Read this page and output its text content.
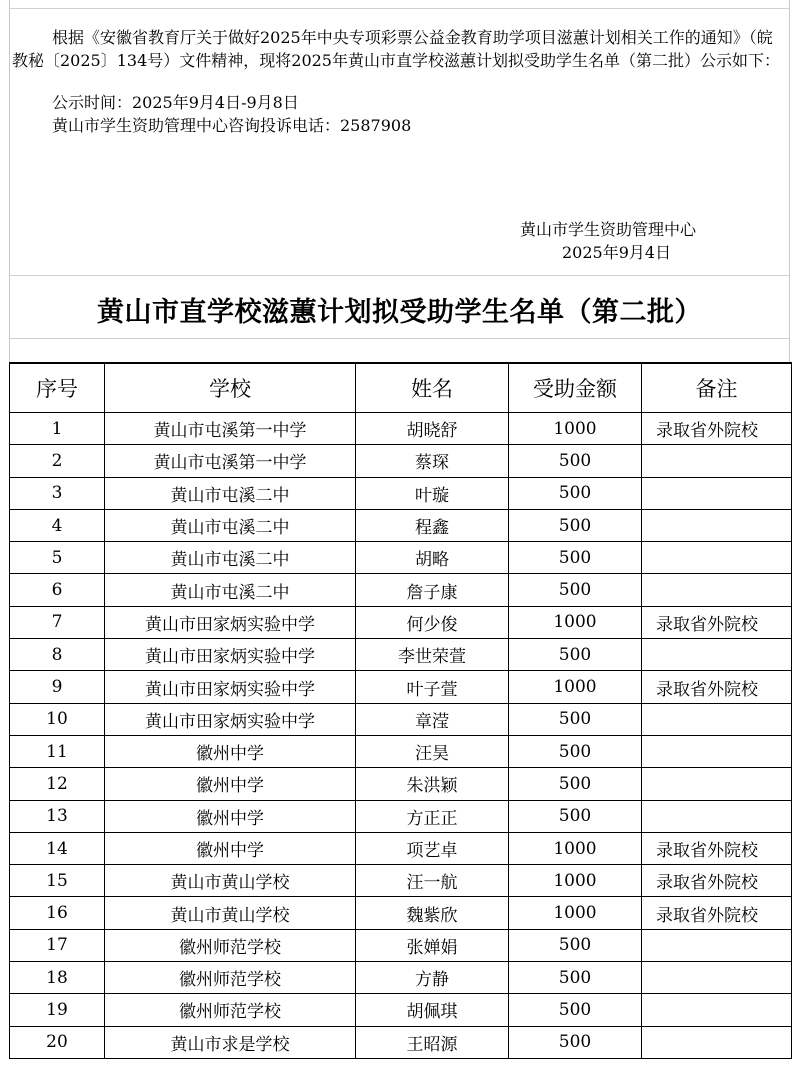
根据《安徽省教育厅关于做好2025年中央专项彩票公益金教育助学项目滋蕙计划相关工作的通知》（皖教秘〔2025〕134号）文件精神，现将2025年黄山市直学校滋蕙计划拟受助学生名单（第二批）公示如下：

公示时间：2025年9月4日-9月8日
黄山市学生资助管理中心咨询投诉电话：2587908
黄山市学生资助管理中心
2025年9月4日
黄山市直学校滋蕙计划拟受助学生名单（第二批）
序号	学校	姓名	受助金额	备注
1	黄山市屯溪第一中学	胡晓舒	1000	录取省外院校
2	黄山市屯溪第一中学	蔡琛	500	
3	黄山市屯溪二中	叶璇	500	
4	黄山市屯溪二中	程鑫	500	
5	黄山市屯溪二中	胡略	500	
6	黄山市屯溪二中	詹子康	500	
7	黄山市田家炳实验中学	何少俊	1000	录取省外院校
8	黄山市田家炳实验中学	李世荣萱	500	
9	黄山市田家炳实验中学	叶子萱	1000	录取省外院校
10	黄山市田家炳实验中学	章滢	500	
11	徽州中学	汪昊	500	
12	徽州中学	朱洪颖	500	
13	徽州中学	方正正	500	
14	徽州中学	项艺卓	1000	录取省外院校
15	黄山市黄山学校	汪一航	1000	录取省外院校
16	黄山市黄山学校	魏紫欣	1000	录取省外院校
17	徽州师范学校	张婵娟	500	
18	徽州师范学校	方静	500	
19	徽州师范学校	胡佩琪	500	
20	黄山市求是学校	王昭源	500	
